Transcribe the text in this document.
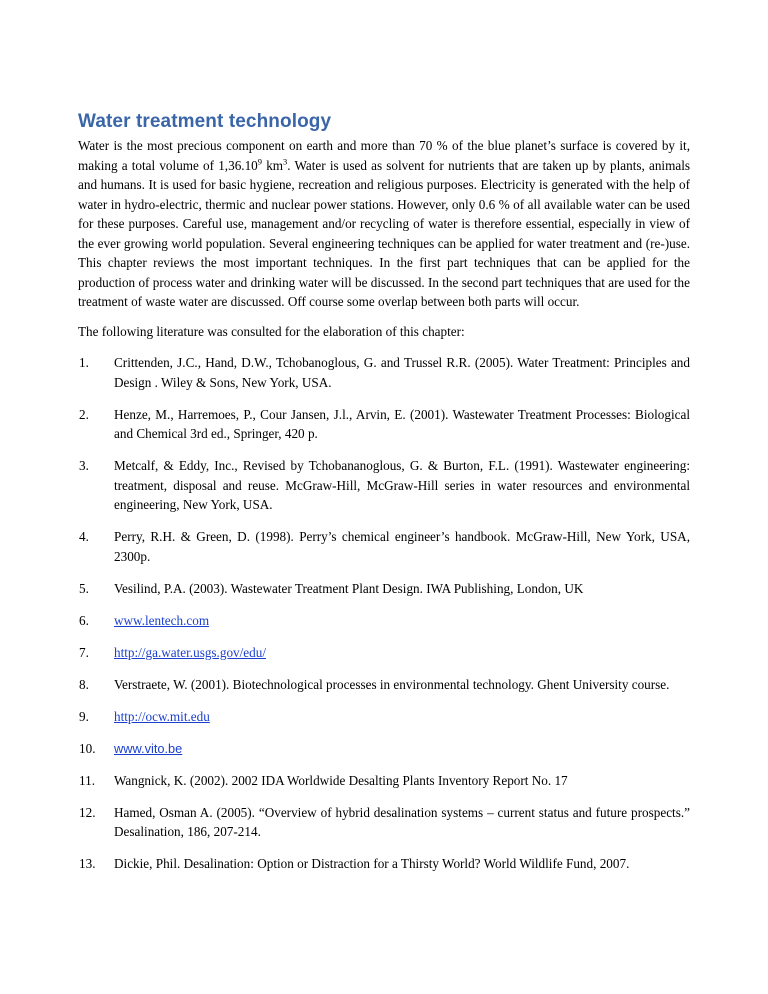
Water treatment technology

Water is the most precious component on earth and more than 70 % of the blue planet’s surface is covered by it, making a total volume of 1,36.10$^9$ $km^3$. Water is used as solvent for nutrients that are taken up by plants, animals and humans. It is used for basic hygiene, recreation and religious purposes. Electricity is generated with the help of water in hydro-electric, thermic and nuclear power stations. However, only 0.6 % of all available water can be used for these purposes. Careful use, management and/or recycling of water is therefore essential, especially in view of the ever growing world population. Several engineering techniques can be applied for water treatment and (re-)use. This chapter reviews the most important techniques. In the first part techniques that can be applied for the production of process water and drinking water will be discussed. In the second part techniques that are used for the treatment of waste water are discussed. Off course some overlap between both parts will occur.

The following literature was consulted for the elaboration of this chapter:

1.	Crittenden, J.C., Hand, D.W., Tchobanoglous, G. and Trussel R.R. (2005). Water Treatment: Principles and Design . Wiley & Sons, New York, USA.
2.	Henze, M., Harremoes, P., Cour Jansen, J.l., Arvin, E. (2001). Wastewater Treatment Processes: Biological and Chemical 3rd ed., Springer, 420 p.
3.	Metcalf, & Eddy, Inc., Revised by Tchobananoglous, G. & Burton, F.L. (1991). Wastewater engineering: treatment, disposal and reuse. McGraw-Hill, McGraw-Hill series in water resources and environmental engineering, New York, USA.
4.	Perry, R.H. & Green, D. (1998). Perry’s chemical engineer’s handbook. McGraw-Hill, New York, USA, 2300p.
5.	Vesilind, P.A. (2003). Wastewater Treatment Plant Design. IWA Publishing, London, UK
6.	www.lentech.com
7.	http://ga.water.usgs.gov/edu/
8.	Verstraete, W. (2001). Biotechnological processes in environmental technology. Ghent University course.
9.	http://ocw.mit.edu
10.	www.vito.be
11.	Wangnick, K. (2002). 2002 IDA Worldwide Desalting Plants Inventory Report No. 17
12.	Hamed, Osman A. (2005). “Overview of hybrid desalination systems – current status and future prospects.” Desalination, 186, 207-214.
13.	Dickie, Phil. Desalination: Option or Distraction for a Thirsty World? World Wildlife Fund, 2007.
